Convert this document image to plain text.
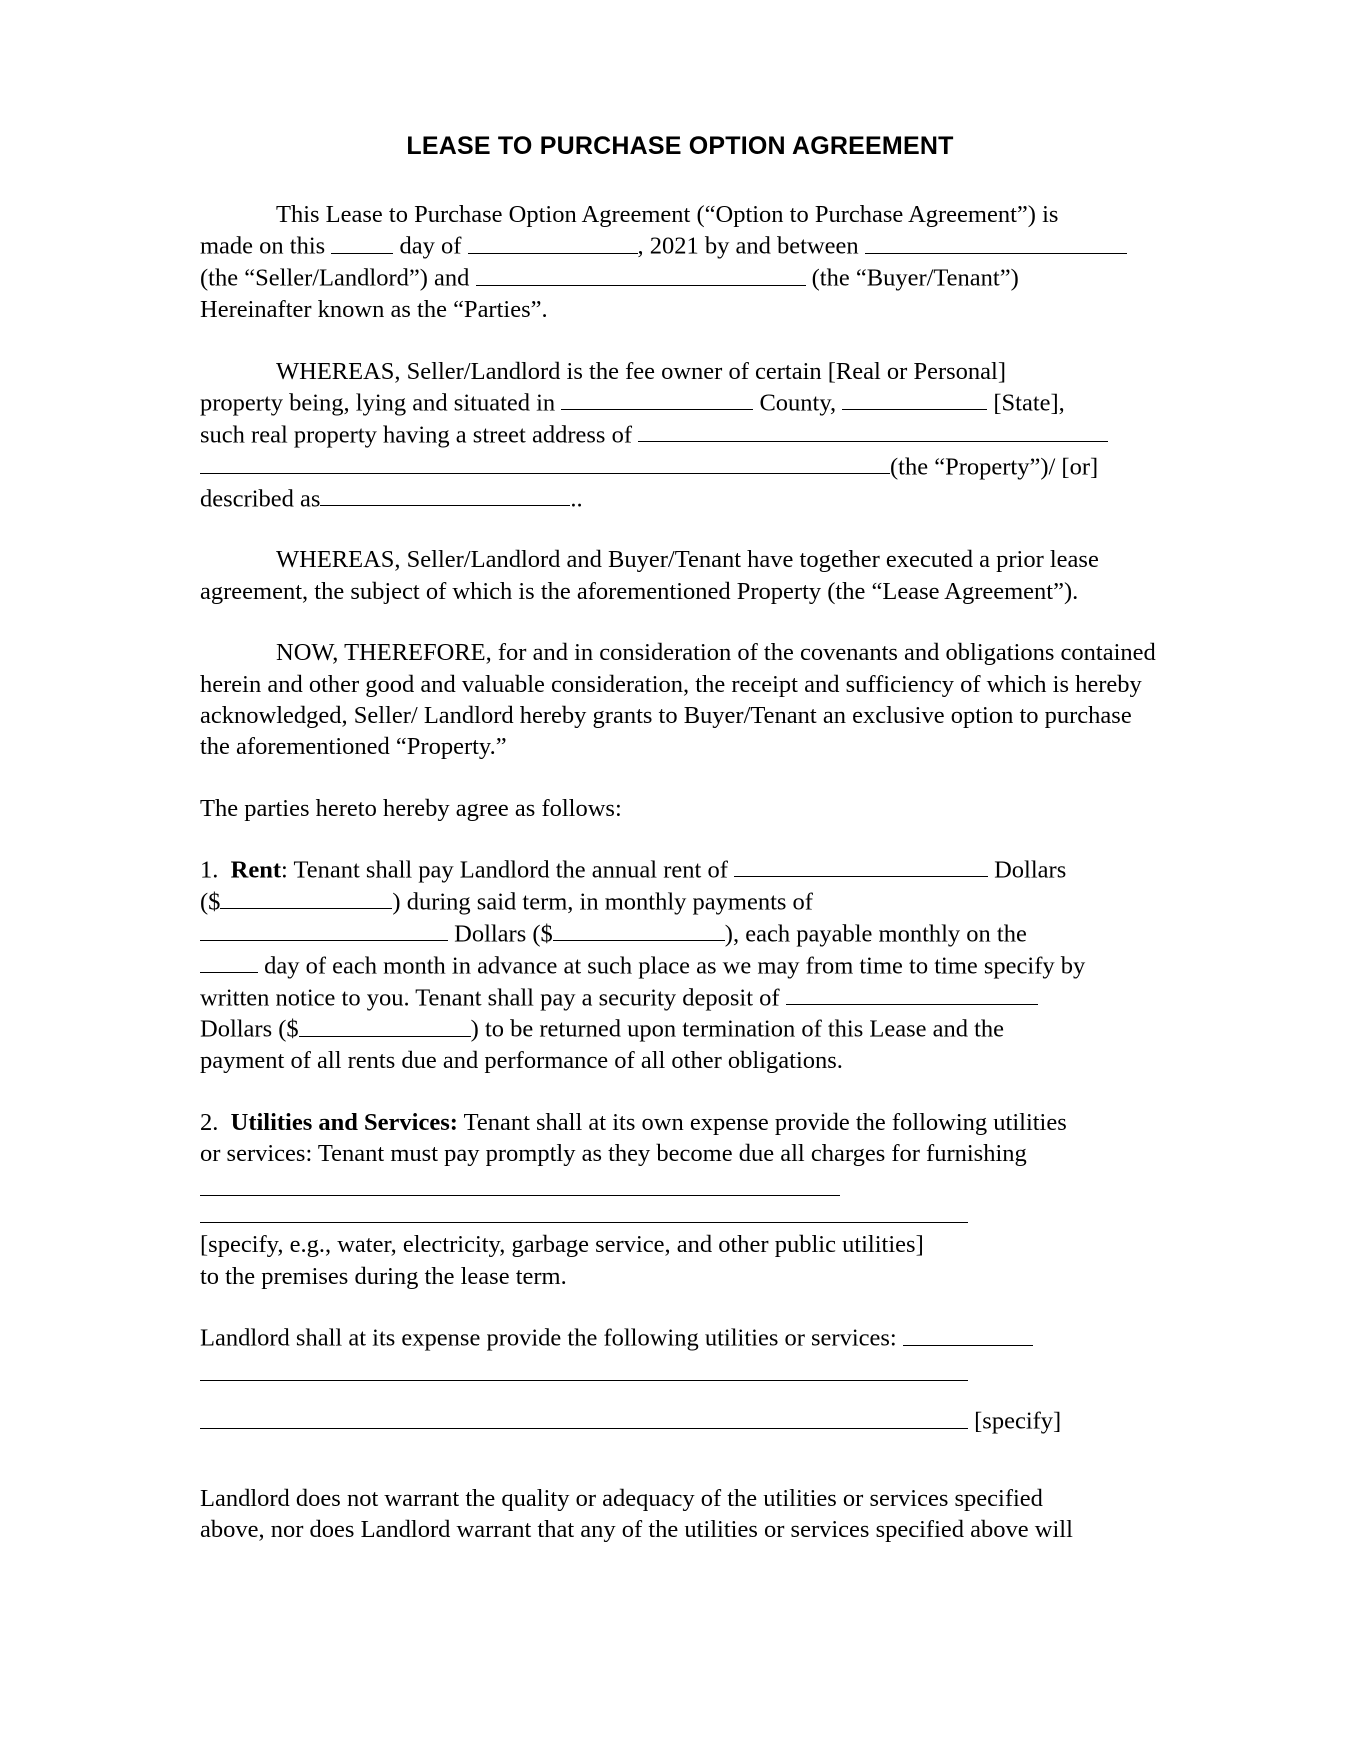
LEASE TO PURCHASE OPTION AGREEMENT

This Lease to Purchase Option Agreement (“Option to Purchase Agreement”) is
made on this	day of	, 2021 by and between
(the “Seller/Landlord”) and	(the “Buyer/Tenant”)
Hereinafter known as the “Parties”.

WHEREAS, Seller/Landlord is the fee owner of certain [Real or Personal]
property being, lying and situated in	County,	[State],
such real property having a street address of
(the “Property”)/ [or]
described as	..

WHEREAS, Seller/Landlord and Buyer/Tenant have together executed a prior lease agreement, the subject of which is the aforementioned Property (the “Lease Agreement”).

NOW, THEREFORE, for and in consideration of the covenants and obligations contained herein and other good and valuable consideration, the receipt and sufficiency of which is hereby acknowledged, Seller/ Landlord hereby grants to Buyer/Tenant an exclusive option to purchase the aforementioned “Property.”

The parties hereto hereby agree as follows:

1. Rent: Tenant shall pay Landlord the annual rent of	Dollars
($	) during said term, in monthly payments of
Dollars ($	), each payable monthly on the
day of each month in advance at such place as we may from time to time specify by
written notice to you. Tenant shall pay a security deposit of
Dollars ($	) to be returned upon termination of this Lease and the
payment of all rents due and performance of all other obligations.

2. Utilities and Services: Tenant shall at its own expense provide the following utilities
or services: Tenant must pay promptly as they become due all charges for furnishing

[specify, e.g., water, electricity, garbage service, and other public utilities]
to the premises during the lease term.

Landlord shall at its expense provide the following utilities or services:

[specify]

Landlord does not warrant the quality or adequacy of the utilities or services specified
above, nor does Landlord warrant that any of the utilities or services specified above will
